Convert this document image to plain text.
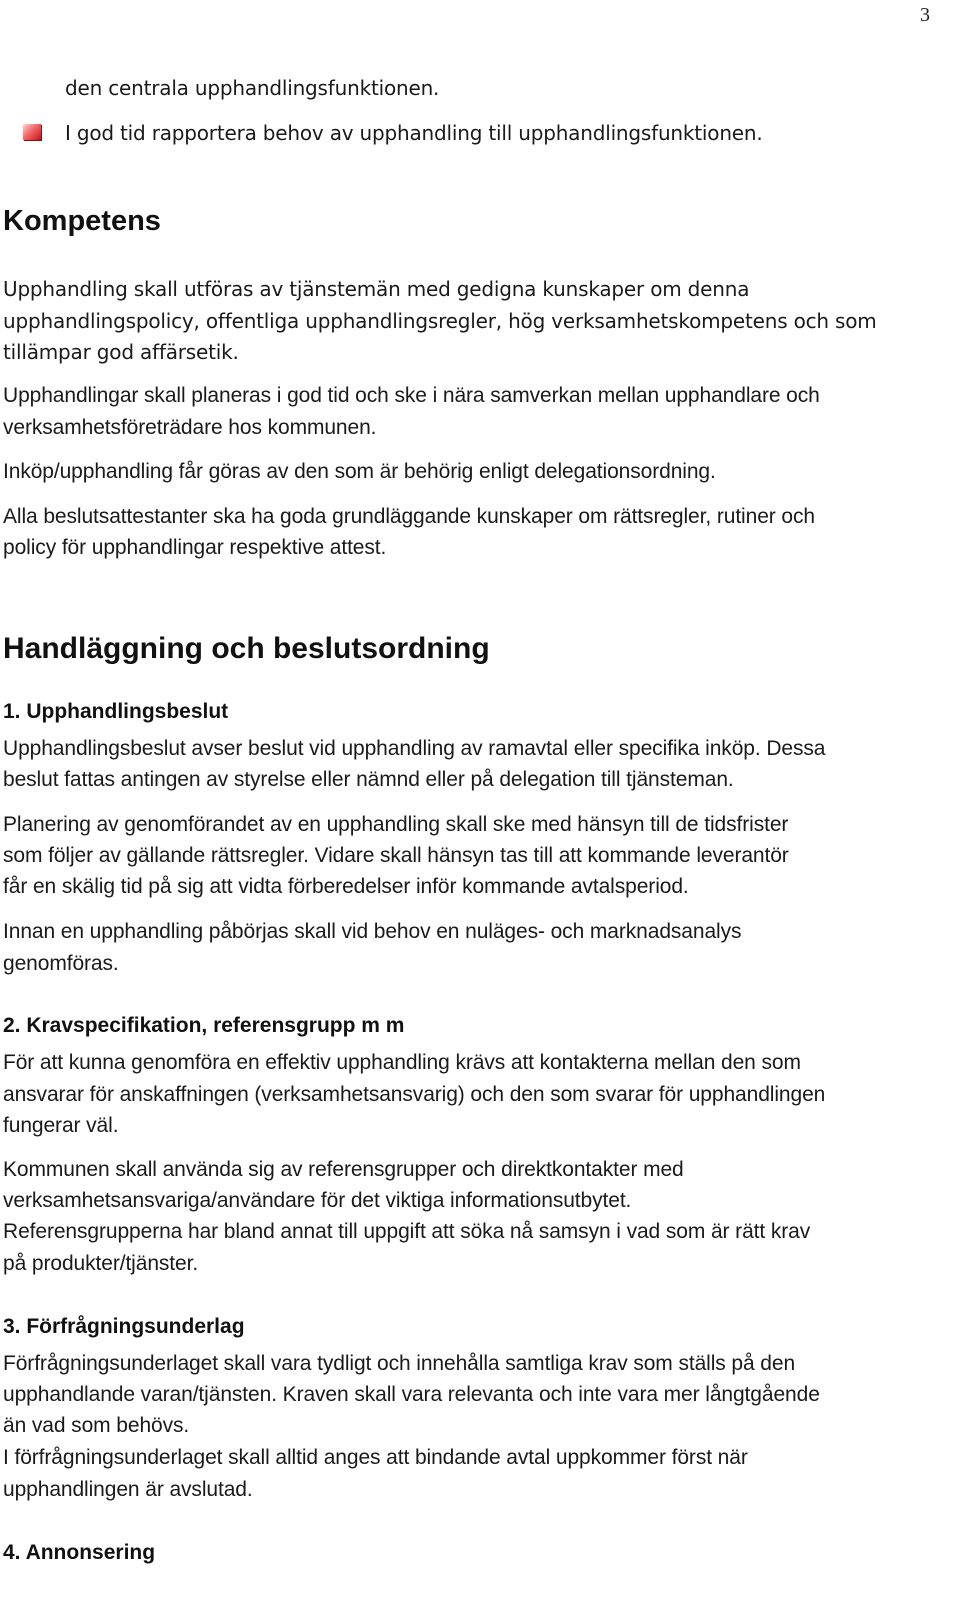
3
den centrala upphandlingsfunktionen.
I god tid rapportera behov av upphandling till upphandlingsfunktionen.
Kompetens
Upphandling skall utföras av tjänstemän med gedigna kunskaper om denna
upphandlingspolicy, offentliga upphandlingsregler, hög verksamhetskompetens och som
tillämpar god affärsetik.
Upphandlingar skall planeras i god tid och ske i nära samverkan mellan upphandlare och
verksamhetsföreträdare hos kommunen.
Inköp/upphandling får göras av den som är behörig enligt delegationsordning.
Alla beslutsattestanter ska ha goda grundläggande kunskaper om rättsregler, rutiner och
policy för upphandlingar respektive attest.
Handläggning och beslutsordning
1. Upphandlingsbeslut
Upphandlingsbeslut avser beslut vid upphandling av ramavtal eller specifika inköp. Dessa
beslut fattas antingen av styrelse eller nämnd eller på delegation till tjänsteman.
Planering av genomförandet av en upphandling skall ske med hänsyn till de tidsfrister
som följer av gällande rättsregler. Vidare skall hänsyn tas till att kommande leverantör
får en skälig tid på sig att vidta förberedelser inför kommande avtalsperiod.
Innan en upphandling påbörjas skall vid behov en nuläges- och marknadsanalys
genomföras.
2. Kravspecifikation, referensgrupp m m
För att kunna genomföra en effektiv upphandling krävs att kontakterna mellan den som
ansvarar för anskaffningen (verksamhetsansvarig) och den som svarar för upphandlingen
fungerar väl.
Kommunen skall använda sig av referensgrupper och direktkontakter med
verksamhetsansvariga/användare för det viktiga informationsutbytet.
Referensgrupperna har bland annat till uppgift att söka nå samsyn i vad som är rätt krav
på produkter/tjänster.
3. Förfrågningsunderlag
Förfrågningsunderlaget skall vara tydligt och innehålla samtliga krav som ställs på den
upphandlande varan/tjänsten. Kraven skall vara relevanta och inte vara mer långtgående
än vad som behövs.
I förfrågningsunderlaget skall alltid anges att bindande avtal uppkommer först när
upphandlingen är avslutad.
4. Annonsering
